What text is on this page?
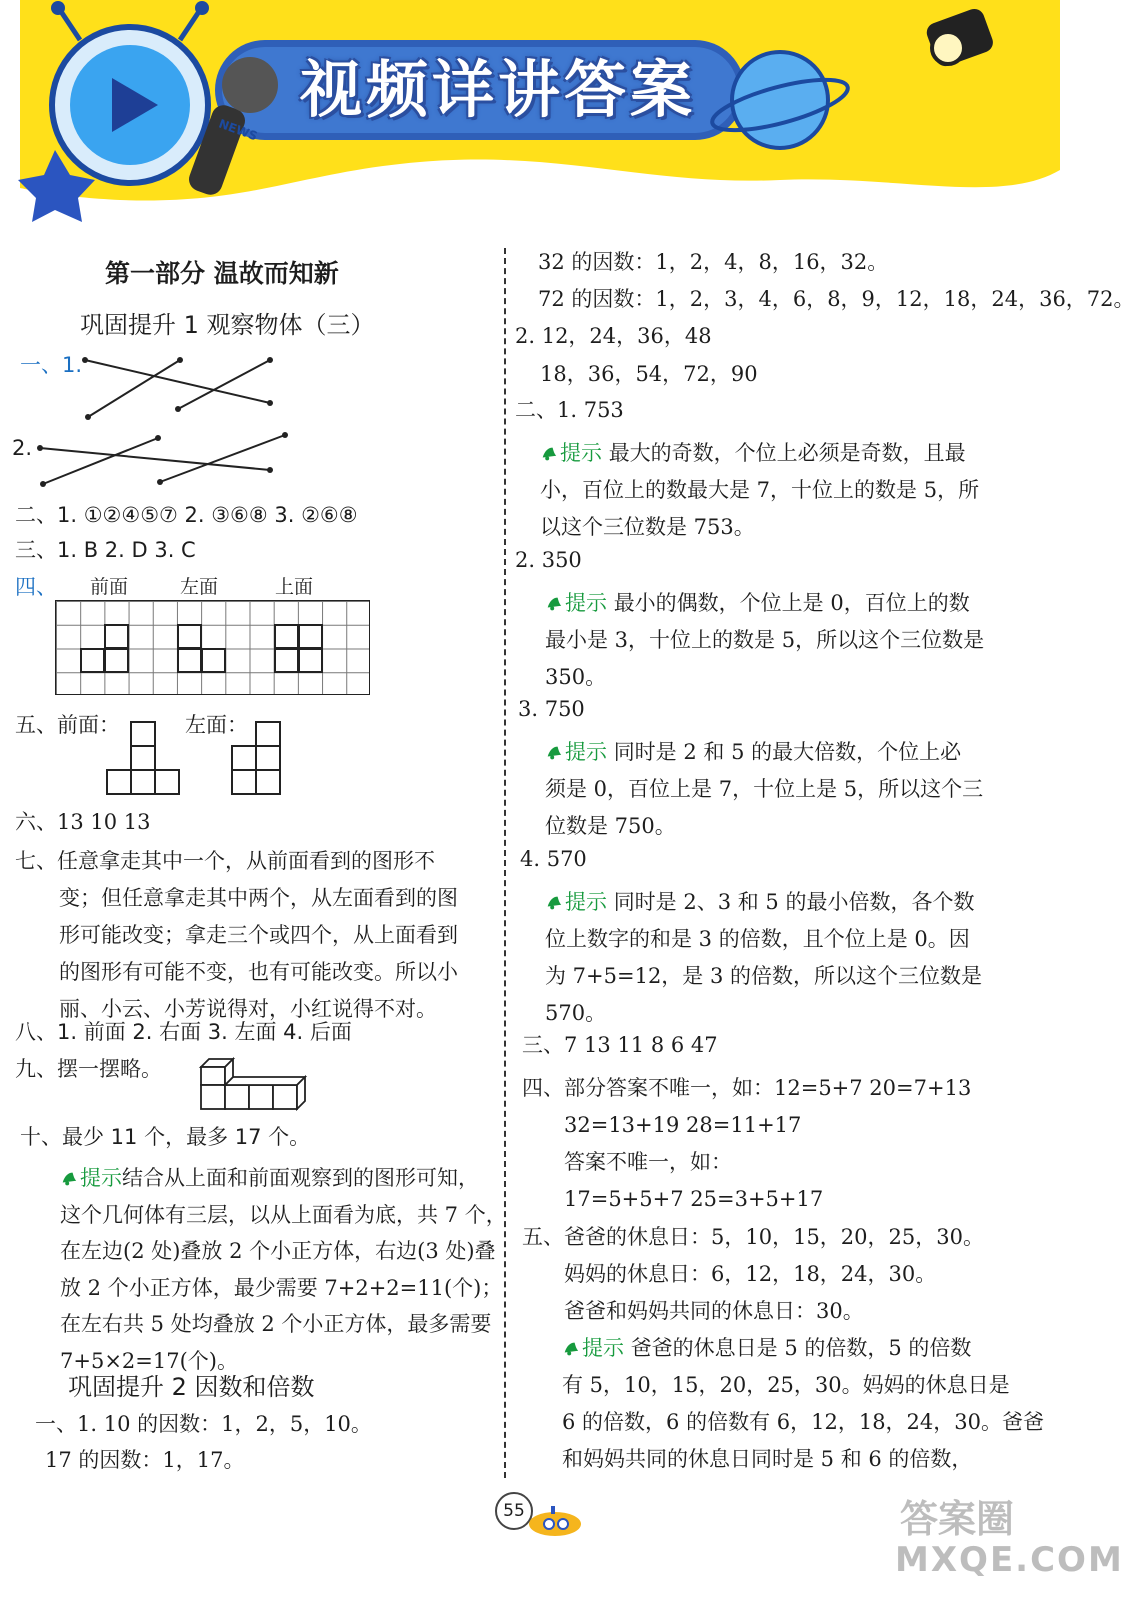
视频详讲答案
NEWS
第一部分 温故而知新
巩固提升 1 观察物体（三）
一、1.
2.
二、1. ①②④⑤⑦ 2. ③⑥⑧ 3. ②⑥⑧
三、1. B 2. D 3. C
四、 前面	左面	上面
五、前面：	左面：
六、13 10 13
七、任意拿走其中一个，从前面看到的图形不
变；但任意拿走其中两个，从左面看到的图
形可能改变；拿走三个或四个，从上面看到
的图形有可能不变，也有可能改变。所以小
丽、小云、小芳说得对，小红说得不对。
八、1. 前面 2. 右面 3. 左面 4. 后面
九、摆一摆略。
十、最少 11 个，最多 17 个。
提示结合从上面和前面观察到的图形可知，
这个几何体有三层，以从上面看为底，共 7 个，
在左边(2 处)叠放 2 个小正方体，右边(3 处)叠
放 2 个小正方体，最少需要 7+2+2=11(个)；
在左右共 5 处均叠放 2 个小正方体，最多需要
7+5×2=17(个)。
巩固提升 2 因数和倍数
一、1. 10 的因数：1，2，5，10。
17 的因数：1，17。
32 的因数：1，2，4，8，16，32。
72 的因数：1，2，3，4，6，8，9，12，18，24，36，72。
2. 12，24，36，48
18，36，54，72，90
二、1. 753
提示 最大的奇数，个位上必须是奇数，且最
小，百位上的数最大是 7，十位上的数是 5，所
以这个三位数是 753。
2. 350
提示 最小的偶数，个位上是 0，百位上的数
最小是 3，十位上的数是 5，所以这个三位数是
350。
3. 750
提示 同时是 2 和 5 的最大倍数，个位上必
须是 0，百位上是 7，十位上是 5，所以这个三
位数是 750。
4. 570
提示 同时是 2、3 和 5 的最小倍数，各个数
位上数字的和是 3 的倍数，且个位上是 0。因
为 7+5=12，是 3 的倍数，所以这个三位数是
570。
三、7 13 11 8 6 47
四、部分答案不唯一，如：12=5+7 20=7+13
32=13+19 28=11+17
答案不唯一，如：
17=5+5+7 25=3+5+17
五、爸爸的休息日：5，10，15，20，25，30。
妈妈的休息日：6，12，18，24，30。
爸爸和妈妈共同的休息日：30。
提示 爸爸的休息日是 5 的倍数，5 的倍数
有 5，10，15，20，25，30。妈妈的休息日是
6 的倍数，6 的倍数有 6，12，18，24，30。爸爸
和妈妈共同的休息日同时是 5 和 6 的倍数，
55	答案圈
MXQE.COM
